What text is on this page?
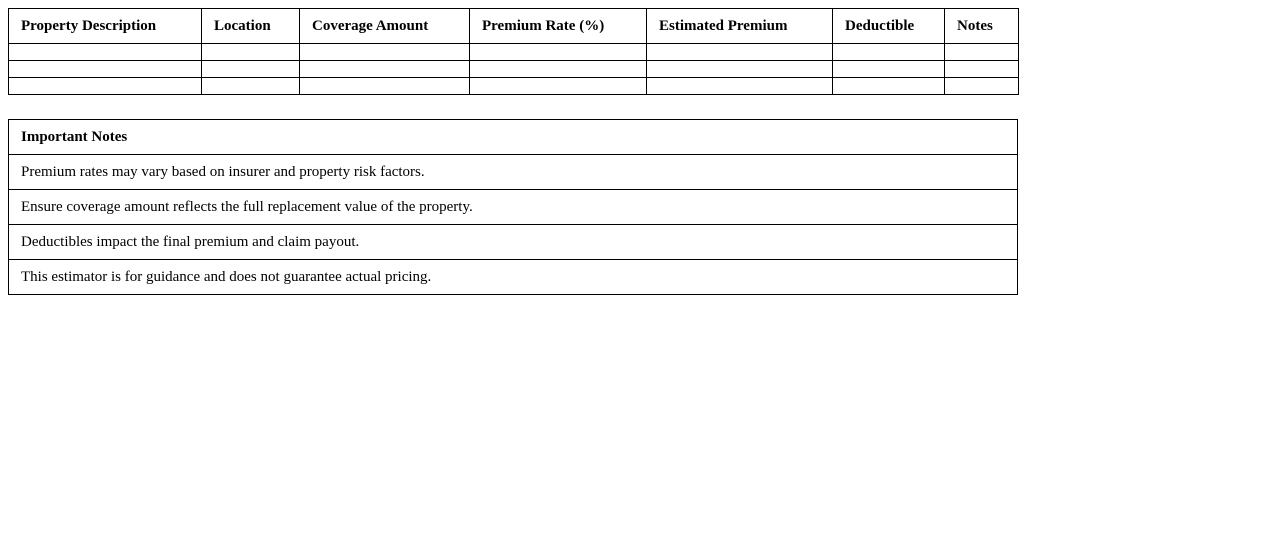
Property Description	Location	Coverage Amount	Premium Rate (%)	Estimated Premium	Deductible	Notes

Important Notes
Premium rates may vary based on insurer and property risk factors.
Ensure coverage amount reflects the full replacement value of the property.
Deductibles impact the final premium and claim payout.
This estimator is for guidance and does not guarantee actual pricing.
